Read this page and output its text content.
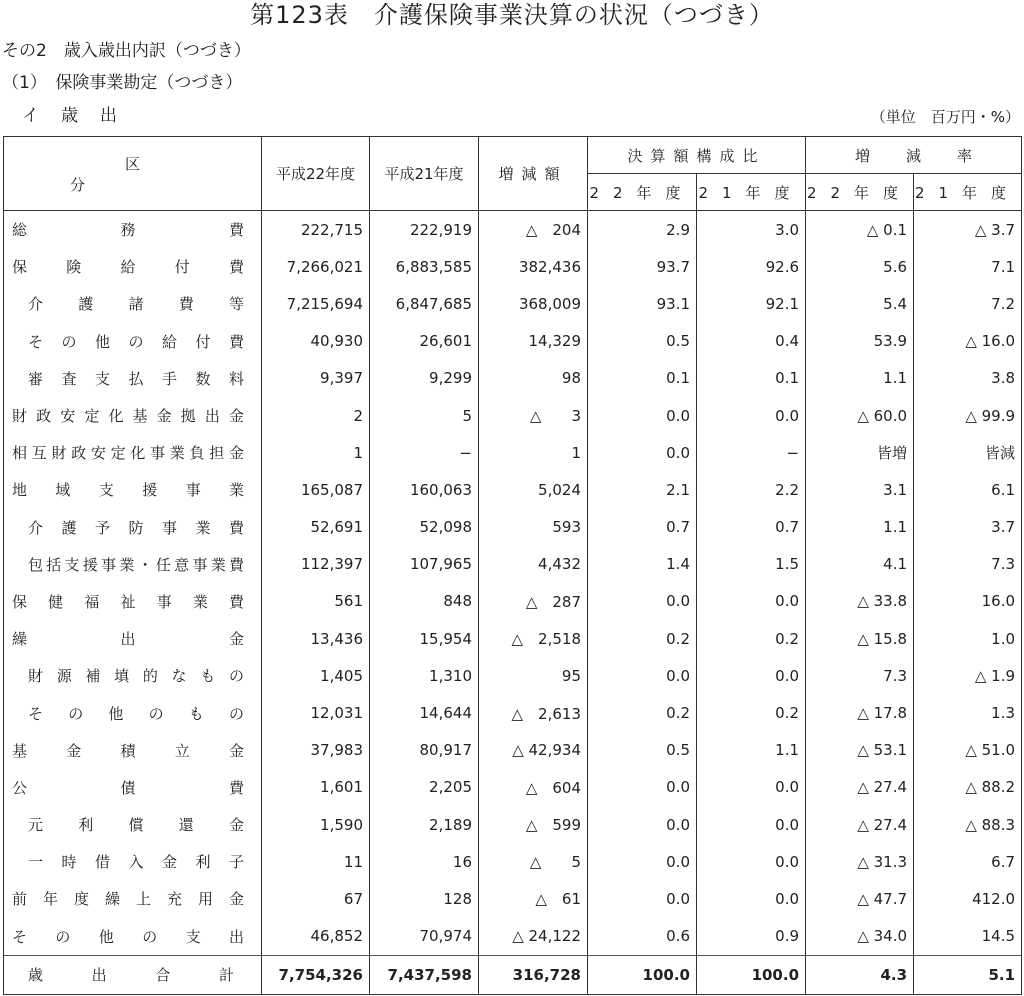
第123表　介護保険事業決算の状況（つづき）
その2　歳入歳出内訳（つづき）
（1）　保険事業勘定（つづき）
イ歳出	（単位　百万円・%）
区分	平成22年度	平成21年度	増減額	決算額構成比		増減率	
				22年度	21年度	22年度	21年度

総務費	222,715	222,919	△　204	2.9	3.0	△ 0.1	△ 3.7

保険給付費	7,266,021	6,883,585	382,436	93.7	92.6	5.6	7.1

介護諸費等	7,215,694	6,847,685	368,009	93.1	92.1	5.4	7.2

その他の給付費	40,930	26,601	14,329	0.5	0.4	53.9	△ 16.0

審査支払手数料	9,397	9,299	98	0.1	0.1	1.1	3.8

財政安定化基金拠出金	2	5	△　　3	0.0	0.0	△ 60.0	△ 99.9

相互財政安定化事業負担金	1	−	1	0.0	−	皆増	皆減

地域支援事業	165,087	160,063	5,024	2.1	2.2	3.1	6.1

介護予防事業費	52,691	52,098	593	0.7	0.7	1.1	3.7

包括支援事業・任意事業費	112,397	107,965	4,432	1.4	1.5	4.1	7.3

保健福祉事業費	561	848	△　287	0.0	0.0	△ 33.8	16.0

繰出金	13,436	15,954	△　2,518	0.2	0.2	△ 15.8	1.0

財源補填的なもの	1,405	1,310	95	0.0	0.0	7.3	△ 1.9

その他のもの	12,031	14,644	△　2,613	0.2	0.2	△ 17.8	1.3

基金積立金	37,983	80,917	△ 42,934	0.5	1.1	△ 53.1	△ 51.0

公債費	1,601	2,205	△　604	0.0	0.0	△ 27.4	△ 88.2

元利償還金	1,590	2,189	△　599	0.0	0.0	△ 27.4	△ 88.3

一時借入金利子	11	16	△　　5	0.0	0.0	△ 31.3	6.7

前年度繰上充用金	67	128	△　61	0.0	0.0	△ 47.7	412.0

その他の支出	46,852	70,974	△ 24,122	0.6	0.9	△ 34.0	14.5

歳出合計	7,754,326	7,437,598	316,728	100.0	100.0	4.3	5.1
